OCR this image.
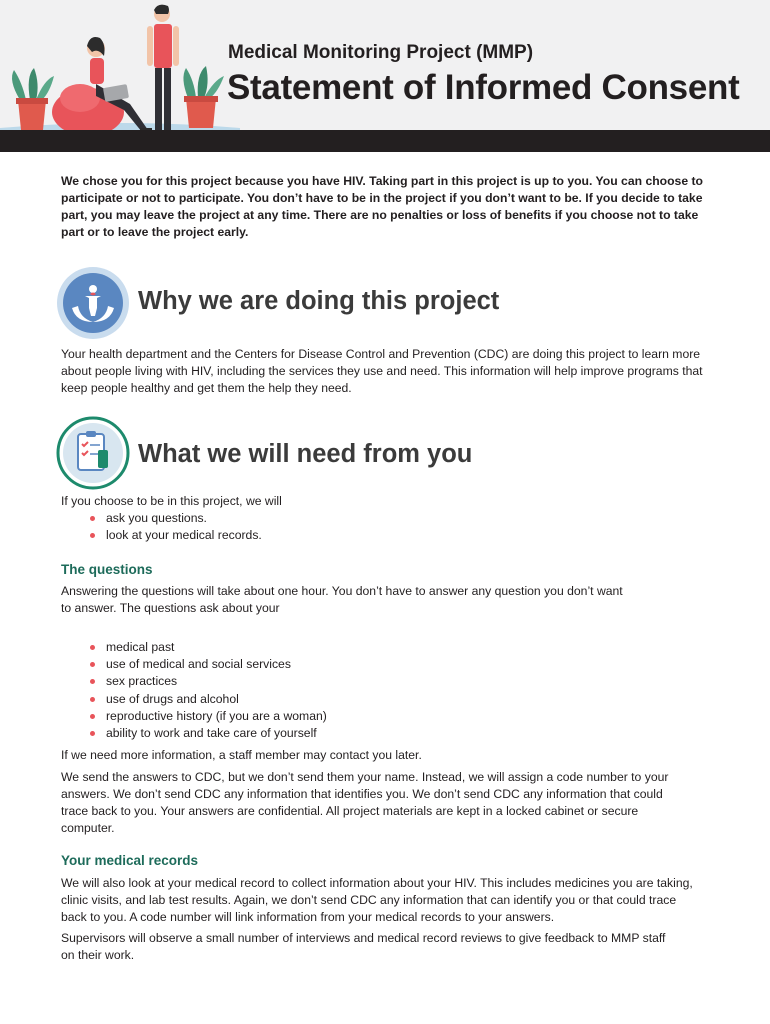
Medical Monitoring Project (MMP)
Statement of Informed Consent

We chose you for this project because you have HIV. Taking part in this project is up to you. You can choose to participate or not to participate. You don’t have to be in the project if you don’t want to be. If you decide to take part, you may leave the project at any time. There are no penalties or loss of benefits if you choose not to take part or to leave the project early.

Why we are doing this project

Your health department and the Centers for Disease Control and Prevention (CDC) are doing this project to learn more about people living with HIV, including the services they use and need. This information will help improve programs that keep people healthy and get them the help they need.

What we will need from you

If you choose to be in this project, we will

ask you questions.
look at your medical records.
The questions

Answering the questions will take about one hour. You don’t have to answer any question you don’t want to answer. The questions ask about your

medical past
use of medical and social services
sex practices
use of drugs and alcohol
reproductive history (if you are a woman)
ability to work and take care of yourself

If we need more information, a staff member may contact you later.

We send the answers to CDC, but we don’t send them your name. Instead, we will assign a code number to your answers. We don’t send CDC any information that identifies you. We don’t send CDC any information that could trace back to you. Your answers are confidential. All project materials are kept in a locked cabinet or secure computer.

Your medical records

We will also look at your medical record to collect information about your HIV. This includes medicines you are taking, clinic visits, and lab test results. Again, we don’t send CDC any information that can identify you or that could trace back to you. A code number will link information from your medical records to your answers.

Supervisors will observe a small number of interviews and medical record reviews to give feedback to MMP staff on their work.
